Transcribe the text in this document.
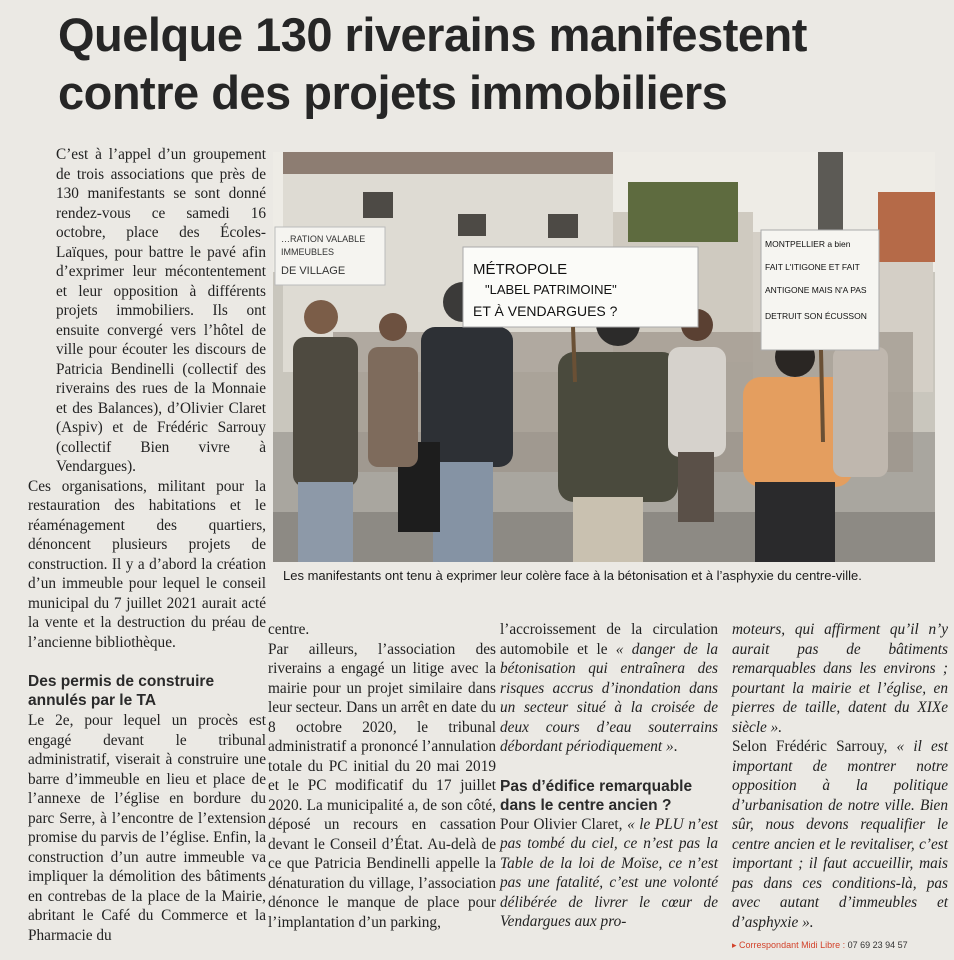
Quelque 130 riverains manifestent
contre des projets immobiliers

C’est à l’appel d’un groupement de trois associations que près de 130 manifestants se sont donné rendez-vous ce samedi 16 octobre, place des Écoles-Laïques, pour battre le pavé afin d’exprimer leur mécontentement et leur opposition à différents projets immobiliers. Ils ont ensuite convergé vers l’hôtel de ville pour écouter les discours de Patricia Bendinelli (collectif des riverains des rues de la Monnaie et des Balances), d’Olivier Claret (Aspiv) et de Frédéric Sarrouy (collectif Bien vivre à Vendargues).

Ces organisations, militant pour la restauration des habitations et le réaménagement des quartiers, dénoncent plusieurs projets de construction. Il y a d’abord la création d’un immeuble pour lequel le conseil municipal du 7 juillet 2021 aurait acté la vente et la destruction du préau de l’ancienne bibliothèque.

Des permis de construire annulés par le TA

Le 2e, pour lequel un procès est engagé devant le tribunal administratif, viserait à construire une barre d’immeuble en lieu et place de l’annexe de l’église en bordure du parc Serre, à l’encontre de l’extension promise du parvis de l’église. Enfin, la construction d’un autre immeuble va impliquer la démolition des bâtiments en contrebas de la place de la Mairie, abritant le Café du Commerce et la Pharmacie du

…RATION VALABLE
IMMEUBLES
DE VILLAGE	MÉTROPOLE
"LABEL PATRIMOINE"
ET À VENDARGUES ?
MONTPELLIER a bien
FAIT L'ITIGONE ET FAIT
ANTIGONE MAIS N'A PAS
DETRUIT SON ÉCUSSON
Les manifestants ont tenu à exprimer leur colère face à la bétonisation et à l’asphyxie du centre-ville.

centre.

Par ailleurs, l’association des riverains a engagé un litige avec la mairie pour un projet similaire dans leur secteur. Dans un arrêt en date du 8 octobre 2020, le tribunal administratif a prononcé l’annulation totale du PC initial du 20 mai 2019 et le PC modificatif du 17 juillet 2020. La municipalité a, de son côté, déposé un recours en cassation devant le Conseil d’État. Au-delà de ce que Patricia Bendinelli appelle la dénaturation du village, l’association dénonce le manque de place pour l’implantation d’un parking,

l’accroissement de la circulation automobile et le « danger de la bétonisation qui entraînera des risques accrus d’inondation dans un secteur situé à la croisée de deux cours d’eau souterrains débordant périodiquement ».

Pas d’édifice remarquable dans le centre ancien ?

Pour Olivier Claret, « le PLU n’est pas tombé du ciel, ce n’est pas la Table de la loi de Moïse, ce n’est pas une fatalité, c’est une volonté délibérée de livrer le cœur de Vendargues aux pro-

moteurs, qui affirment qu’il n’y aurait pas de bâtiments remarquables dans les environs ; pourtant la mairie et l’église, en pierres de taille, datent du XIXe siècle ».

Selon Frédéric Sarrouy, « il est important de montrer notre opposition à la politique d’urbanisation de notre ville. Bien sûr, nous devons requalifier le centre ancien et le revitaliser, c’est important ; il faut accueillir, mais pas dans ces conditions-là, pas avec autant d’immeubles et d’asphyxie ».

▸ Correspondant Midi Libre : 07 69 23 94 57
